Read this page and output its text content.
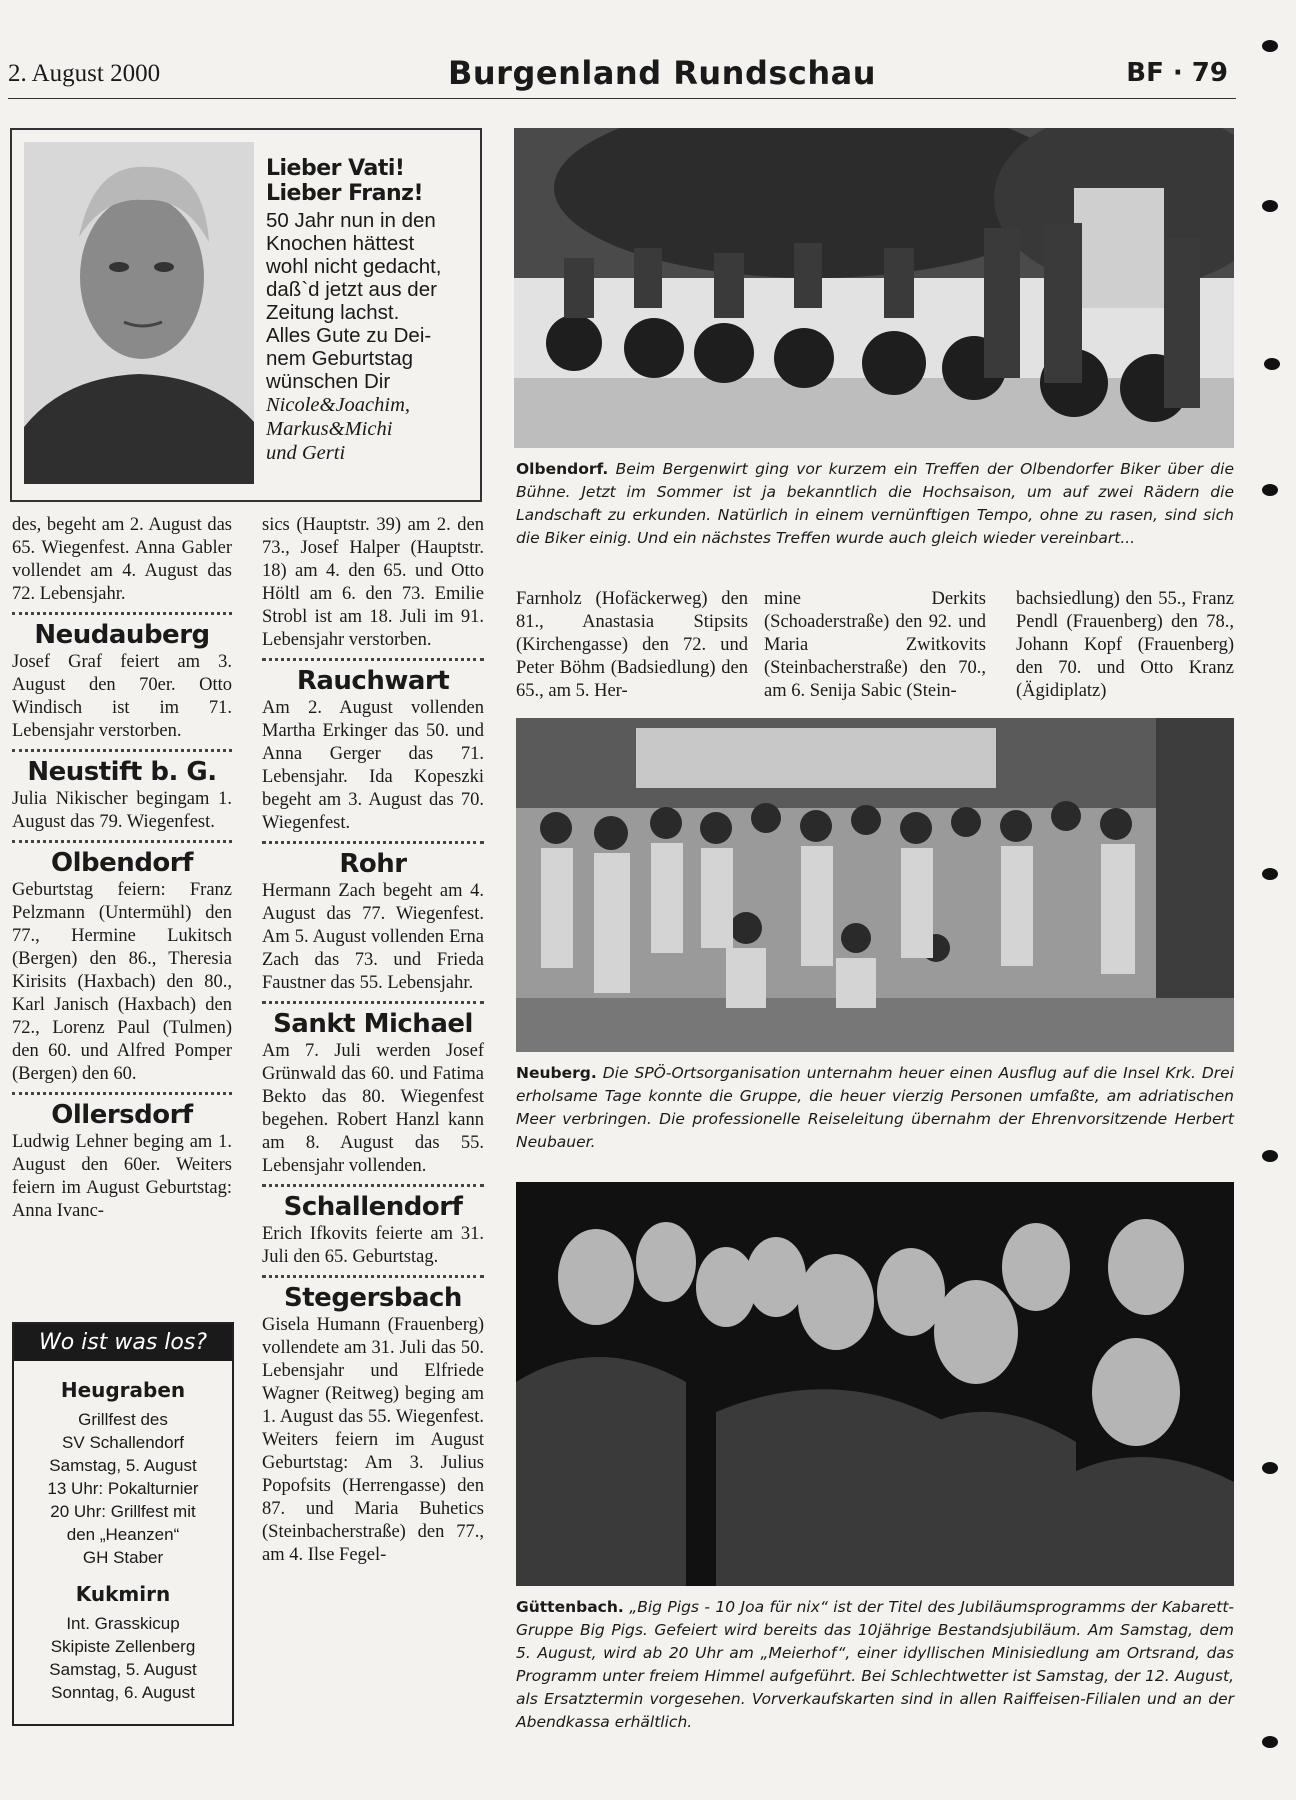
2. August 2000	Burgenland Rundschau	BF · 79
Lieber Vati! Lieber Franz!
50 Jahr nun in den
Knochen hättest
wohl nicht gedacht,
daß`d jetzt aus der
Zeitung lachst.
Alles Gute zu Dei-
nem Geburtstag
wünschen Dir
Nicole&Joachim,
Markus&Michi
und Gerti

des, begeht am 2. August das 65. Wiegenfest. Anna Gabler vollendet am 4. August das 72. Lebensjahr.

Neudauberg

Josef Graf feiert am 3. August den 70er. Otto Windisch ist im 71. Lebensjahr verstorben.

Neustift b. G.

Julia Nikischer begingam 1. August das 79. Wiegenfest.

Olbendorf

Geburtstag feiern: Franz Pelzmann (Untermühl) den 77., Hermine Lukitsch (Bergen) den 86., Theresia Kirisits (Haxbach) den 80., Karl Janisch (Haxbach) den 72., Lorenz Paul (Tulmen) den 60. und Alfred Pomper (Bergen) den 60.

Ollersdorf

Ludwig Lehner beging am 1. August den 60er. Weiters feiern im August Geburtstag: Anna Ivanc-

Wo ist was los?
Heugraben
Grillfest des
SV Schallendorf
Samstag, 5. August
13 Uhr: Pokalturnier
20 Uhr: Grillfest mit
den „Heanzen“
GH Staber
Kukmirn
Int. Grasskicup
Skipiste Zellenberg
Samstag, 5. August
Sonntag, 6. August

sics (Hauptstr. 39) am 2. den 73., Josef Halper (Hauptstr. 18) am 4. den 65. und Otto Höltl am 6. den 73. Emilie Strobl ist am 18. Juli im 91. Lebensjahr verstorben.

Rauchwart

Am 2. August vollenden Martha Erkinger das 50. und Anna Gerger das 71. Lebensjahr. Ida Kopeszki begeht am 3. August das 70. Wiegenfest.

Rohr

Hermann Zach begeht am 4. August das 77. Wiegenfest. Am 5. August vollenden Erna Zach das 73. und Frieda Faustner das 55. Lebensjahr.

Sankt Michael

Am 7. Juli werden Josef Grünwald das 60. und Fatima Bekto das 80. Wiegenfest begehen. Robert Hanzl kann am 8. August das 55. Lebensjahr vollenden.

Schallendorf

Erich Ifkovits feierte am 31. Juli den 65. Geburtstag.

Stegersbach

Gisela Humann (Frauenberg) vollendete am 31. Juli das 50. Lebensjahr und Elfriede Wagner (Reitweg) beging am 1. August das 55. Wiegenfest. Weiters feiern im August Geburtstag: Am 3. Julius Popofsits (Herrengasse) den 87. und Maria Buhetics (Steinbacherstraße) den 77., am 4. Ilse Fegel-

Olbendorf. Beim Bergenwirt ging vor kurzem ein Treffen der Olbendorfer Biker über die Bühne. Jetzt im Sommer ist ja bekanntlich die Hochsaison, um auf zwei Rädern die Landschaft zu erkunden. Natürlich in einem vernünftigen Tempo, ohne zu rasen, sind sich die Biker einig. Und ein nächstes Treffen wurde auch gleich wieder vereinbart...

Farnholz (Hofäckerweg) den 81., Anastasia Stipsits (Kirchengasse) den 72. und Peter Böhm (Badsiedlung) den 65., am 5. Her-

mine Derkits (Schoaderstraße) den 92. und Maria Zwitkovits (Steinbacherstraße) den 70., am 6. Senija Sabic (Stein-

bachsiedlung) den 55., Franz Pendl (Frauenberg) den 78., Johann Kopf (Frauenberg) den 70. und Otto Kranz (Ägidiplatz)

Neuberg. Die SPÖ-Ortsorganisation unternahm heuer einen Ausflug auf die Insel Krk. Drei erholsame Tage konnte die Gruppe, die heuer vierzig Personen umfaßte, am adriatischen Meer verbringen. Die professionelle Reiseleitung übernahm der Ehrenvorsitzende Herbert Neubauer.
Güttenbach. „Big Pigs - 10 Joa für nix“ ist der Titel des Jubiläumsprogramms der Kabarett-Gruppe Big Pigs. Gefeiert wird bereits das 10jährige Bestandsjubiläum. Am Samstag, dem 5. August, wird ab 20 Uhr am „Meierhof“, einer idyllischen Minisiedlung am Ortsrand, das Programm unter freiem Himmel aufgeführt. Bei Schlechtwetter ist Samstag, der 12. August, als Ersatztermin vorgesehen. Vorverkaufskarten sind in allen Raiffeisen-Filialen und an der Abendkassa erhältlich.
